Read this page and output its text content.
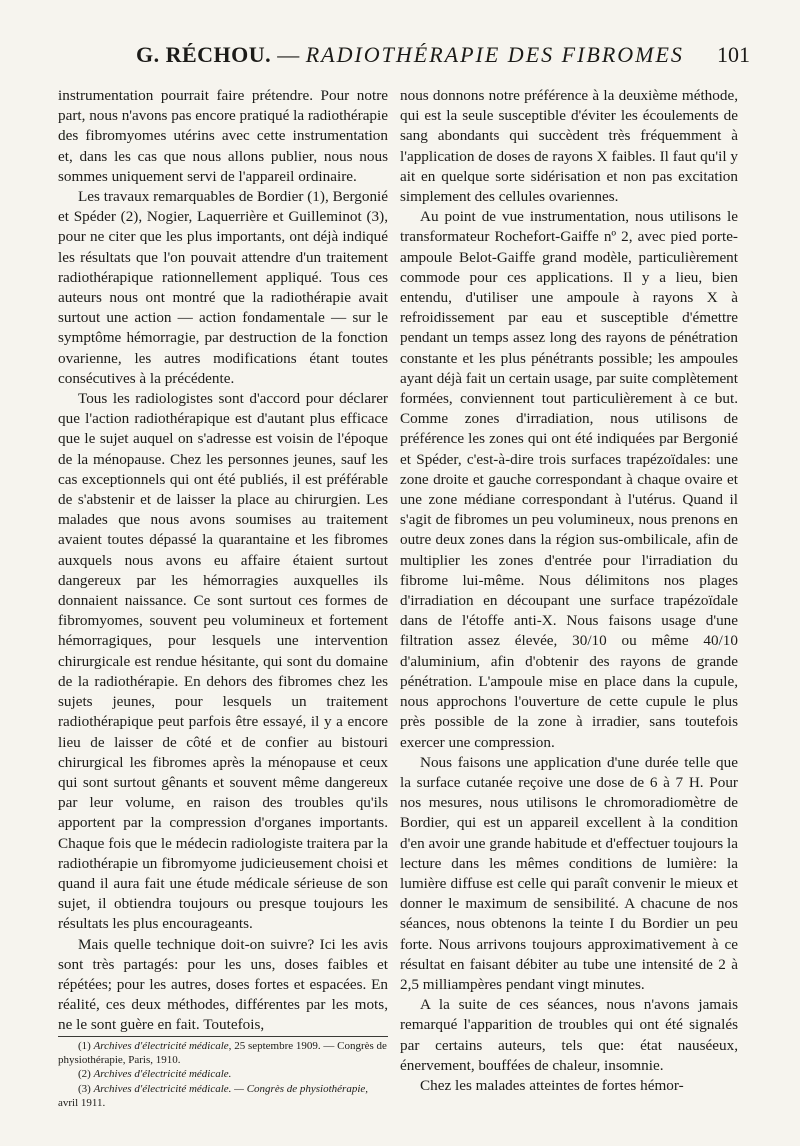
G. RÉCHOU. — RADIOTHÉRAPIE DES FIBROMES 101

instrumentation pourrait faire prétendre. Pour notre part, nous n'avons pas encore pratiqué la radiothérapie des fibromyomes utérins avec cette instrumentation et, dans les cas que nous allons publier, nous nous sommes uniquement servi de l'appareil ordinaire.

Les travaux remarquables de Bordier (1), Bergonié et Spéder (2), Nogier, Laquerrière et Guilleminot (3), pour ne citer que les plus importants, ont déjà indiqué les résultats que l'on pouvait attendre d'un traitement radiothérapique rationnellement appliqué. Tous ces auteurs nous ont montré que la radiothérapie avait surtout une action — action fondamentale — sur le symptôme hémorragie, par destruction de la fonction ovarienne, les autres modifications étant toutes consécutives à la précédente.

Tous les radiologistes sont d'accord pour déclarer que l'action radiothérapique est d'autant plus efficace que le sujet auquel on s'adresse est voisin de l'époque de la ménopause. Chez les personnes jeunes, sauf les cas exceptionnels qui ont été publiés, il est préférable de s'abstenir et de laisser la place au chirurgien. Les malades que nous avons soumises au traitement avaient toutes dépassé la quarantaine et les fibromes auxquels nous avons eu affaire étaient surtout dangereux par les hémorragies auxquelles ils donnaient naissance. Ce sont surtout ces formes de fibromyomes, souvent peu volumineux et fortement hémorragiques, pour lesquels une intervention chirurgicale est rendue hésitante, qui sont du domaine de la radiothérapie. En dehors des fibromes chez les sujets jeunes, pour lesquels un traitement radiothérapique peut parfois être essayé, il y a encore lieu de laisser de côté et de confier au bistouri chirurgical les fibromes après la ménopause et ceux qui sont surtout gênants et souvent même dangereux par leur volume, en raison des troubles qu'ils apportent par la compression d'organes importants. Chaque fois que le médecin radiologiste traitera par la radiothérapie un fibromyome judicieusement choisi et quand il aura fait une étude médicale sérieuse de son sujet, il obtiendra toujours ou presque toujours les résultats les plus encourageants.

Mais quelle technique doit-on suivre? Ici les avis sont très partagés: pour les uns, doses faibles et répétées; pour les autres, doses fortes et espacées. En réalité, ces deux méthodes, différentes par les mots, ne le sont guère en fait. Toutefois,

(1) Archives d'électricité médicale, 25 septembre 1909. — Congrès de physiothérapie, Paris, 1910.
(2) Archives d'électricité médicale.
(3) Archives d'électricité médicale. — Congrès de physiothérapie, avril 1911.

nous donnons notre préférence à la deuxième méthode, qui est la seule susceptible d'éviter les écoulements de sang abondants qui succèdent très fréquemment à l'application de doses de rayons X faibles. Il faut qu'il y ait en quelque sorte sidérisation et non pas excitation simplement des cellules ovariennes.

Au point de vue instrumentation, nous utilisons le transformateur Rochefort-Gaiffe nº 2, avec pied porte-ampoule Belot-Gaiffe grand modèle, particulièrement commode pour ces applications. Il y a lieu, bien entendu, d'utiliser une ampoule à rayons X à refroidissement par eau et susceptible d'émettre pendant un temps assez long des rayons de pénétration constante et les plus pénétrants possible; les ampoules ayant déjà fait un certain usage, par suite complètement formées, conviennent tout particulièrement à ce but. Comme zones d'irradiation, nous utilisons de préférence les zones qui ont été indiquées par Bergonié et Spéder, c'est-à-dire trois surfaces trapézoïdales: une zone droite et gauche correspondant à chaque ovaire et une zone médiane correspondant à l'utérus. Quand il s'agit de fibromes un peu volumineux, nous prenons en outre deux zones dans la région sus-ombilicale, afin de multiplier les zones d'entrée pour l'irradiation du fibrome lui-même. Nous délimitons nos plages d'irradiation en découpant une surface trapézoïdale dans de l'étoffe anti-X. Nous faisons usage d'une filtration assez élevée, 30/10 ou même 40/10 d'aluminium, afin d'obtenir des rayons de grande pénétration. L'ampoule mise en place dans la cupule, nous approchons l'ouverture de cette cupule le plus près possible de la zone à irradier, sans toutefois exercer une compression.

Nous faisons une application d'une durée telle que la surface cutanée reçoive une dose de 6 à 7 H. Pour nos mesures, nous utilisons le chromoradiomètre de Bordier, qui est un appareil excellent à la condition d'en avoir une grande habitude et d'effectuer toujours la lecture dans les mêmes conditions de lumière: la lumière diffuse est celle qui paraît convenir le mieux et donner le maximum de sensibilité. A chacune de nos séances, nous obtenons la teinte I du Bordier un peu forte. Nous arrivons toujours approximativement à ce résultat en faisant débiter au tube une intensité de 2 à 2,5 milliampères pendant vingt minutes.

A la suite de ces séances, nous n'avons jamais remarqué l'apparition de troubles qui ont été signalés par certains auteurs, tels que: état nauséeux, énervement, bouffées de chaleur, insomnie.

Chez les malades atteintes de fortes hémor-
